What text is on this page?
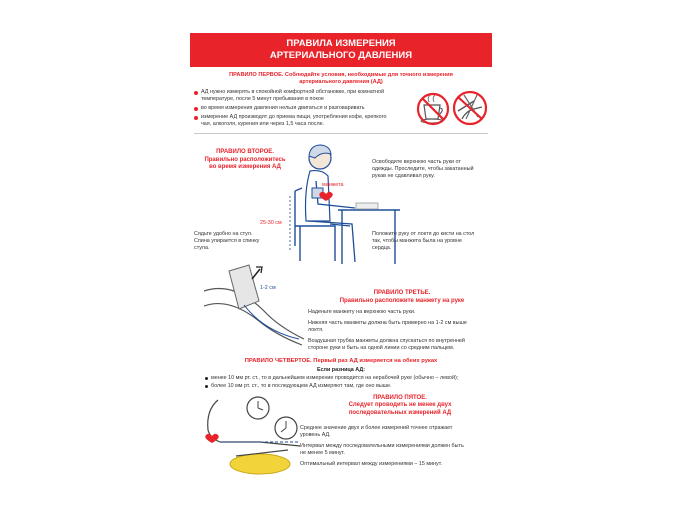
ПРАВИЛА ИЗМЕРЕНИЯ
АРТЕРИАЛЬНОГО ДАВЛЕНИЯ
ПРАВИЛО ПЕРВОЕ. Соблюдайте условия, необходимые для точного измерения
артериального давления (АД)
АД нужно измерять в спокойной комфортной обстановке, при комнатной
температуре, после 5 минут пребывания в покое
во время измерения давления нельзя двигаться и разговаривать
измерение АД производят до приема пищи, употребления кофе, крепкого
чая, алкоголя, курения или через 1,5 часа после.
ПРАВИЛО ВТОРОЕ.
Правильно расположитесь
во время измерения АД
манжета
25-30 см
Освободите верхнюю часть руки от
одежды. Проследите, чтобы закатанный
рукав не сдавливал руку.
Сядьте удобно на стул.
Спина упирается в спинку
стула.
Положите руку от локтя до кисти на стол
так, чтобы манжета была на уровне
сердца.
1-2 см
ПРАВИЛО ТРЕТЬЕ.
Правильно расположите манжету на руке
Наденьте манжету на верхнюю часть руки.
Нижняя часть манжеты должна быть примерно на 1-2 см выше
локтя.
Воздушная трубка манжеты должна спускаться по внутренней
стороне руки и быть на одной линии со средним пальцем.
ПРАВИЛО ЧЕТВЕРТОЕ. Первый раз АД измеряется на обеих руках
Если разница АД:
менее 10 мм рт. ст., то в дальнейшем измерение проводится на нерабочей руке (обычно – левой);
более 10 мм рт. ст., то в последующем АД измеряют там, где оно выше.
ПРАВИЛО ПЯТОЕ.
Следует проводить не менее двух
последовательных измерений АД
Среднее значение двух и более измерений точнее отражает
уровень АД.
Интервал между последовательными измерениями должен быть
не менее 5 минут.
Оптимальный интервал между измерениями – 15 минут.
